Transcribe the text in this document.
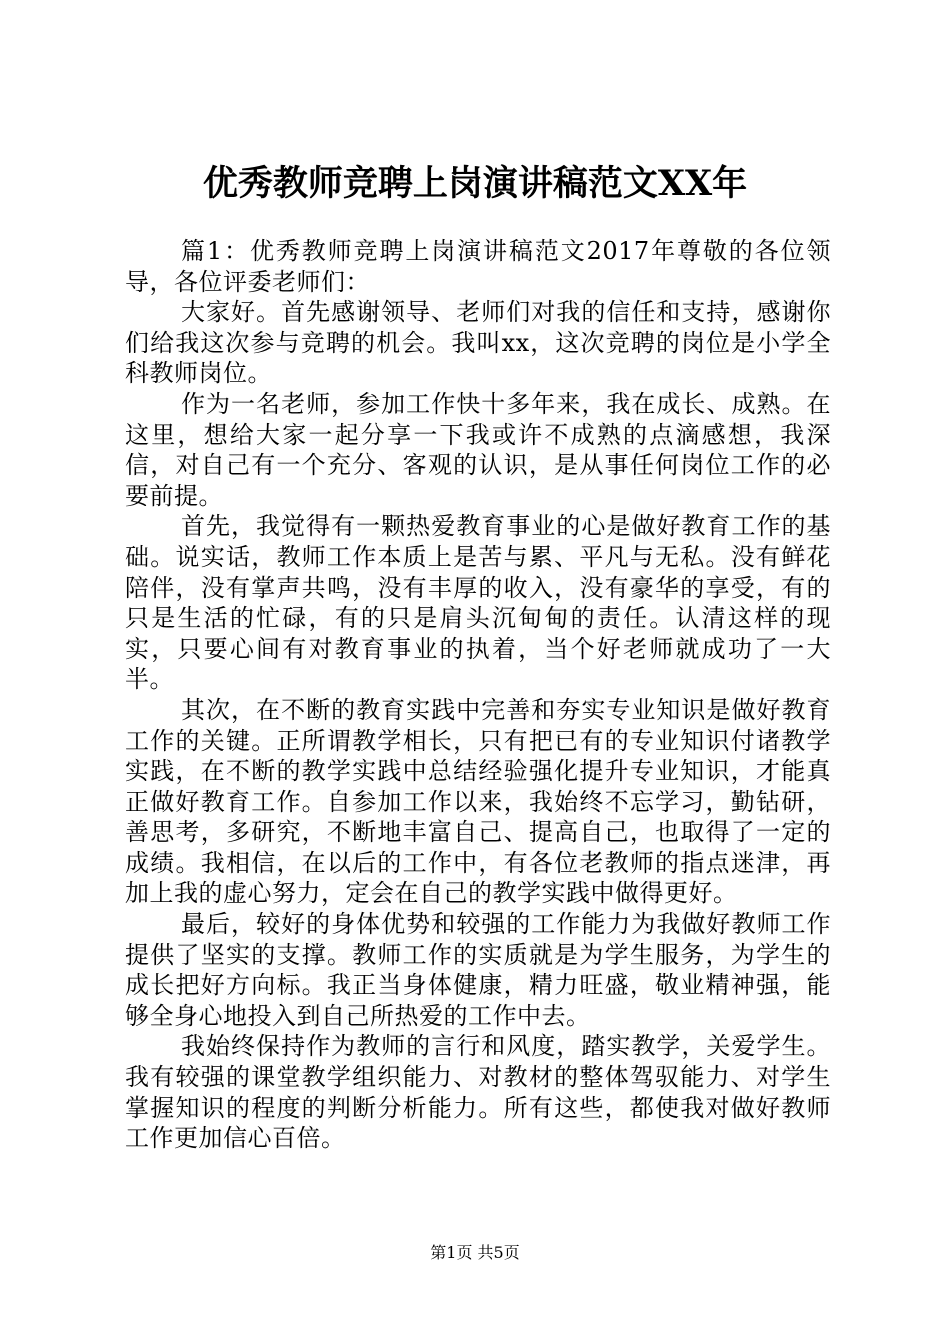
优秀教师竞聘上岗演讲稿范文XX年

篇1：优秀教师竞聘上岗演讲稿范文2017年尊敬的各位领导，各位评委老师们：

大家好。首先感谢领导、老师们对我的信任和支持，感谢你们给我这次参与竞聘的机会。我叫xx，这次竞聘的岗位是小学全科教师岗位。

作为一名老师，参加工作快十多年来，我在成长、成熟。在这里，想给大家一起分享一下我或许不成熟的点滴感想，我深信，对自己有一个充分、客观的认识，是从事任何岗位工作的必要前提。

首先，我觉得有一颗热爱教育事业的心是做好教育工作的基础。说实话，教师工作本质上是苦与累、平凡与无私。没有鲜花陪伴，没有掌声共鸣，没有丰厚的收入，没有豪华的享受，有的只是生活的忙碌，有的只是肩头沉甸甸的责任。认清这样的现实，只要心间有对教育事业的执着，当个好老师就成功了一大半。

其次，在不断的教育实践中完善和夯实专业知识是做好教育工作的关键。正所谓教学相长，只有把已有的专业知识付诸教学实践，在不断的教学实践中总结经验强化提升专业知识，才能真正做好教育工作。自参加工作以来，我始终不忘学习，勤钻研，善思考，多研究，不断地丰富自己、提高自己，也取得了一定的成绩。我相信，在以后的工作中，有各位老教师的指点迷津，再加上我的虚心努力，定会在自己的教学实践中做得更好。

最后，较好的身体优势和较强的工作能力为我做好教师工作提供了坚实的支撑。教师工作的实质就是为学生服务，为学生的成长把好方向标。我正当身体健康，精力旺盛，敬业精神强，能够全身心地投入到自己所热爱的工作中去。

我始终保持作为教师的言行和风度，踏实教学，关爱学生。我有较强的课堂教学组织能力、对教材的整体驾驭能力、对学生掌握知识的程度的判断分析能力。所有这些，都使我对做好教师工作更加信心百倍。

第1页 共5页
